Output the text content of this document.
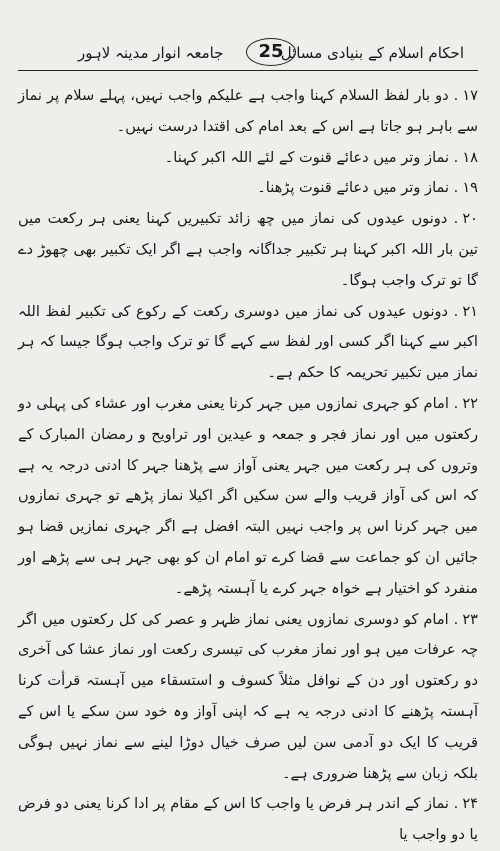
احکام اسلام کے بنیادی مسائل
25
جامعہ انوار مدینہ لاہور

۱۷. دو بار لفظ السلام کہنا واجب ہے علیکم واجب نہیں، پہلے سلام پر نماز سے باہر ہو جاتا ہے اس کے بعد امام کی اقتدا درست نہیں۔

۱۸. نماز وتر میں دعائے قنوت کے لئے اللہ اکبر کہنا۔

۱۹. نماز وتر میں دعائے قنوت پڑھنا۔

۲۰. دونوں عیدوں کی نماز میں چھ زائد تکبیریں کہنا یعنی ہر رکعت میں تین بار اللہ اکبر کہنا ہر تکبیر جداگانہ واجب ہے اگر ایک تکبیر بھی چھوڑ دے گا تو ترک واجب ہوگا۔

۲۱. دونوں عیدوں کی نماز میں دوسری رکعت کے رکوع کی تکبیر لفظ اللہ اکبر سے کہنا اگر کسی اور لفظ سے کہے گا تو ترک واجب ہوگا جیسا کہ ہر نماز میں تکبیر تحریمہ کا حکم ہے۔

۲۲. امام کو جہری نمازوں میں جہر کرنا یعنی مغرب اور عشاء کی پہلی دو رکعتوں میں اور نماز فجر و جمعہ و عیدین اور تراویح و رمضان المبارک کے وتروں کی ہر رکعت میں جہر یعنی آواز سے پڑھنا جہر کا ادنی درجہ یہ ہے کہ اس کی آواز قریب والے سن سکیں اگر اکیلا نماز پڑھے تو جہری نمازوں میں جہر کرنا اس پر واجب نہیں البتہ افضل ہے اگر جہری نمازیں قضا ہو جائیں ان کو جماعت سے قضا کرے تو امام ان کو بھی جہر ہی سے پڑھے اور منفرد کو اختیار ہے خواہ جہر کرے یا آہستہ پڑھے۔

۲۳. امام کو دوسری نمازوں یعنی نماز ظہر و عصر کی کل رکعتوں میں اگر چہ عرفات میں ہو اور نماز مغرب کی تیسری رکعت اور نماز عشا کی آخری دو رکعتوں اور دن کے نوافل مثلاً کسوف و استسقاء میں آہستہ قرأت کرنا آہستہ پڑھنے کا ادنی درجہ یہ ہے کہ اپنی آواز وہ خود سن سکے یا اس کے قریب کا ایک دو آدمی سن لیں صرف خیال دوڑا لینے سے نماز نہیں ہوگی بلکہ زبان سے پڑھنا ضروری ہے۔

۲۴. نماز کے اندر ہر فرض یا واجب کا اس کے مقام پر ادا کرنا یعنی دو فرض یا دو واجب یا
